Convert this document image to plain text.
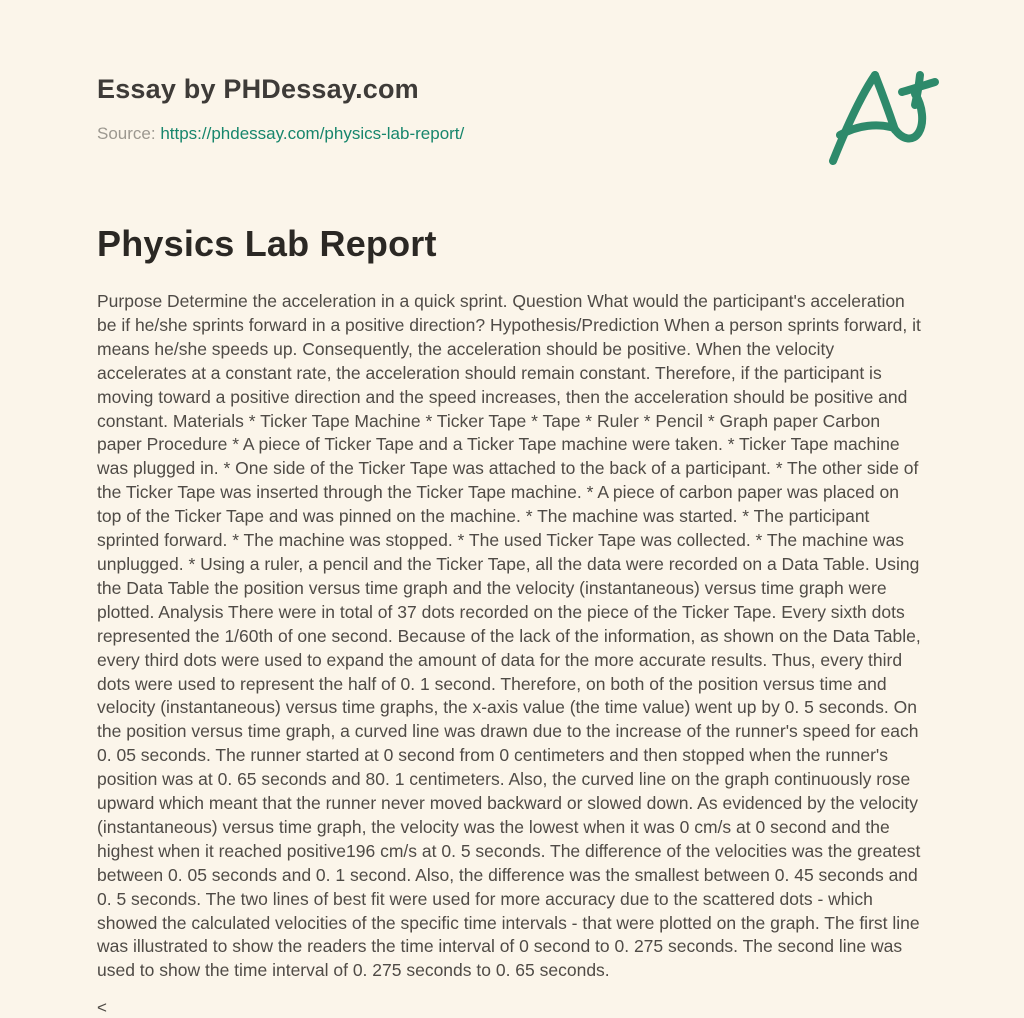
Essay by PHDessay.com
Source: https://phdessay.com/physics-lab-report/
Physics Lab Report

Purpose Determine the acceleration in a quick sprint. Question What would the participant's acceleration be if he/she sprints forward in a positive direction? Hypothesis/Prediction When a person sprints forward, it means he/she speeds up. Consequently, the acceleration should be positive. When the velocity accelerates at a constant rate, the acceleration should remain constant. Therefore, if the participant is moving toward a positive direction and the speed increases, then the acceleration should be positive and constant. Materials * Ticker Tape Machine * Ticker Tape * Tape * Ruler * Pencil * Graph paper Carbon paper Procedure * A piece of Ticker Tape and a Ticker Tape machine were taken. * Ticker Tape machine was plugged in. * One side of the Ticker Tape was attached to the back of a participant. * The other side of the Ticker Tape was inserted through the Ticker Tape machine. * A piece of carbon paper was placed on top of the Ticker Tape and was pinned on the machine. * The machine was started. * The participant sprinted forward. * The machine was stopped. * The used Ticker Tape was collected. * The machine was unplugged. * Using a ruler, a pencil and the Ticker Tape, all the data were recorded on a Data Table. Using the Data Table the position versus time graph and the velocity (instantaneous) versus time graph were plotted. Analysis There were in total of 37 dots recorded on the piece of the Ticker Tape. Every sixth dots represented the 1/60th of one second. Because of the lack of the information, as shown on the Data Table, every third dots were used to expand the amount of data for the more accurate results. Thus, every third dots were used to represent the half of 0. 1 second. Therefore, on both of the position versus time and velocity (instantaneous) versus time graphs, the x-axis value (the time value) went up by 0. 5 seconds. On the position versus time graph, a curved line was drawn due to the increase of the runner's speed for each 0. 05 seconds. The runner started at 0 second from 0 centimeters and then stopped when the runner's position was at 0. 65 seconds and 80. 1 centimeters. Also, the curved line on the graph continuously rose upward which meant that the runner never moved backward or slowed down. As evidenced by the velocity (instantaneous) versus time graph, the velocity was the lowest when it was 0 cm/s at 0 second and the highest when it reached positive196 cm/s at 0. 5 seconds. The difference of the velocities was the greatest between 0. 05 seconds and 0. 1 second. Also, the difference was the smallest between 0. 45 seconds and 0. 5 seconds. The two lines of best fit were used for more accuracy due to the scattered dots - which showed the calculated velocities of the specific time intervals - that were plotted on the graph. The first line was illustrated to show the readers the time interval of 0 second to 0. 275 seconds. The second line was used to show the time interval of 0. 275 seconds to 0. 65 seconds.

<
